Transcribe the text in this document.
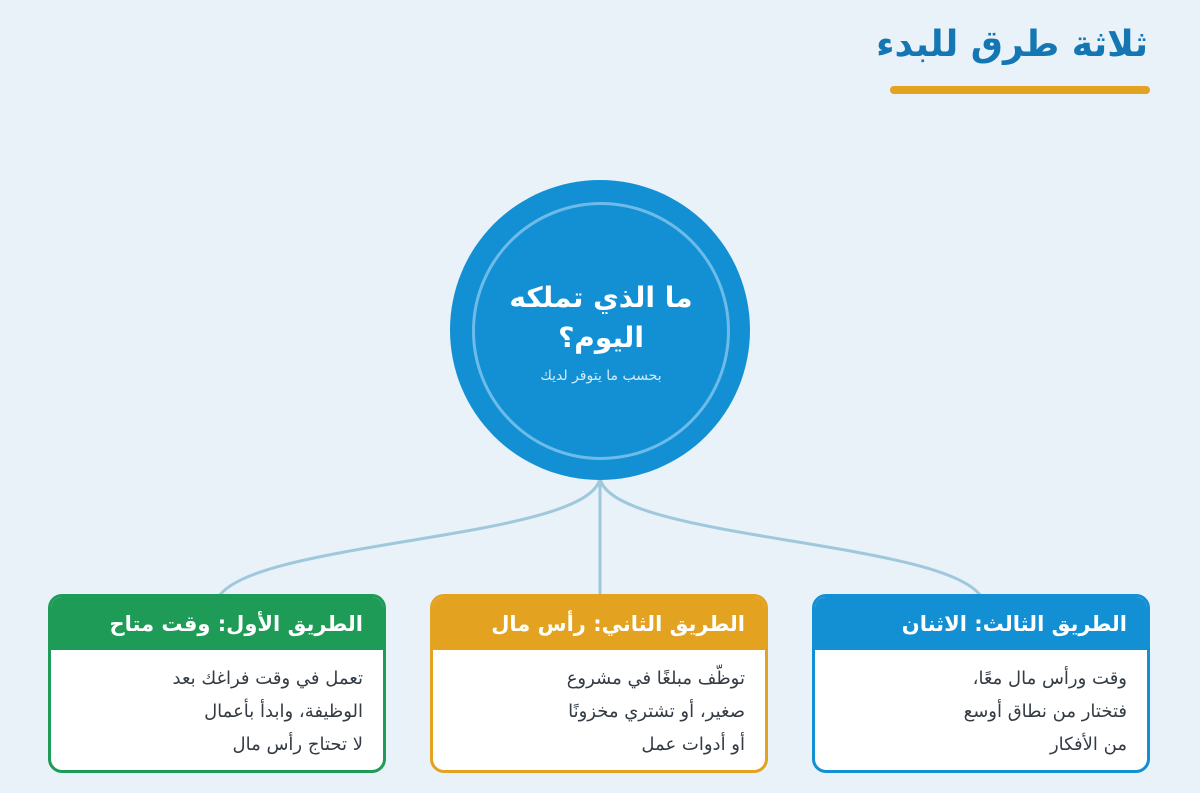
ثلاثة طرق للبدء
ما الذي تملكه اليوم؟
بحسب ما يتوفر لديك
الطريق الأول: وقت متاح
تعمل في وقت فراغك بعد
الوظيفة، وابدأ بأعمال
لا تحتاج رأس مال
الطريق الثاني: رأس مال
توظّف مبلغًا في مشروع
صغير، أو تشتري مخزونًا
أو أدوات عمل
الطريق الثالث: الاثنان
وقت ورأس مال معًا،
فتختار من نطاق أوسع
من الأفكار
